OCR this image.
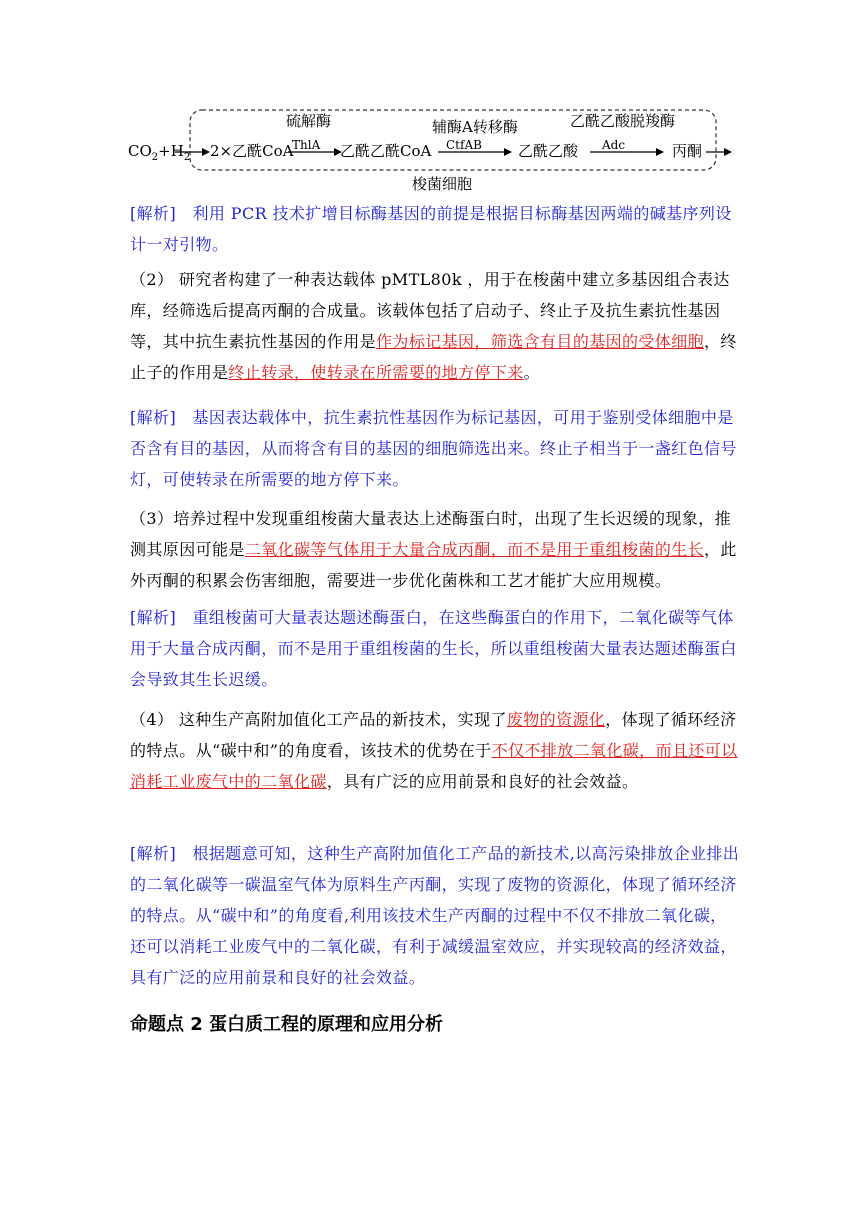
$CO_2+H_2$ 2×乙酰CoA
硫解酶
ThlA 乙酰乙酰CoA
辅酶A转移酶
CtfAB 乙酰乙酸
乙酰乙酸脱羧酶
Adc	丙酮
梭菌细胞
[解析]　 利用 PCR 技术扩增目标酶基因的前提是根据目标酶基因两端的碱基序列设计一对引物。
（2） 研究者构建了一种表达载体 pMTL80k ，用于在梭菌中建立多基因组合表达库，经筛选后提高丙酮的合成量。该载体包括了启动子、终止子及抗生素抗性基因等，其中抗生素抗性基因的作用是作为标记基因，筛选含有目的基因的受体细胞，终止子的作用是终止转录，使转录在所需要的地方停下来。
[解析]　 基因表达载体中，抗生素抗性基因作为标记基因，可用于鉴别受体细胞中是否含有目的基因，从而将含有目的基因的细胞筛选出来。终止子相当于一盏红色信号灯，可使转录在所需要的地方停下来。
（3）培养过程中发现重组梭菌大量表达上述酶蛋白时，出现了生长迟缓的现象，推测其原因可能是二氧化碳等气体用于大量合成丙酮，而不是用于重组梭菌的生长，此外丙酮的积累会伤害细胞，需要进一步优化菌株和工艺才能扩大应用规模。
[解析]　 重组梭菌可大量表达题述酶蛋白，在这些酶蛋白的作用下，二氧化碳等气体用于大量合成丙酮，而不是用于重组梭菌的生长，所以重组梭菌大量表达题述酶蛋白会导致其生长迟缓。
（4） 这种生产高附加值化工产品的新技术，实现了废物的资源化，体现了循环经济的特点。从“碳中和”的角度看，该技术的优势在于不仅不排放二氧化碳，而且还可以消耗工业废气中的二氧化碳，具有广泛的应用前景和良好的社会效益。
[解析]　 根据题意可知，这种生产高附加值化工产品的新技术,以高污染排放企业排出的二氧化碳等一碳温室气体为原料生产丙酮，实现了废物的资源化，体现了循环经济的特点。从“碳中和”的角度看,利用该技术生产丙酮的过程中不仅不排放二氧化碳，还可以消耗工业废气中的二氧化碳，有利于减缓温室效应，并实现较高的经济效益，具有广泛的应用前景和良好的社会效益。
命题点 2 蛋白质工程的原理和应用分析
